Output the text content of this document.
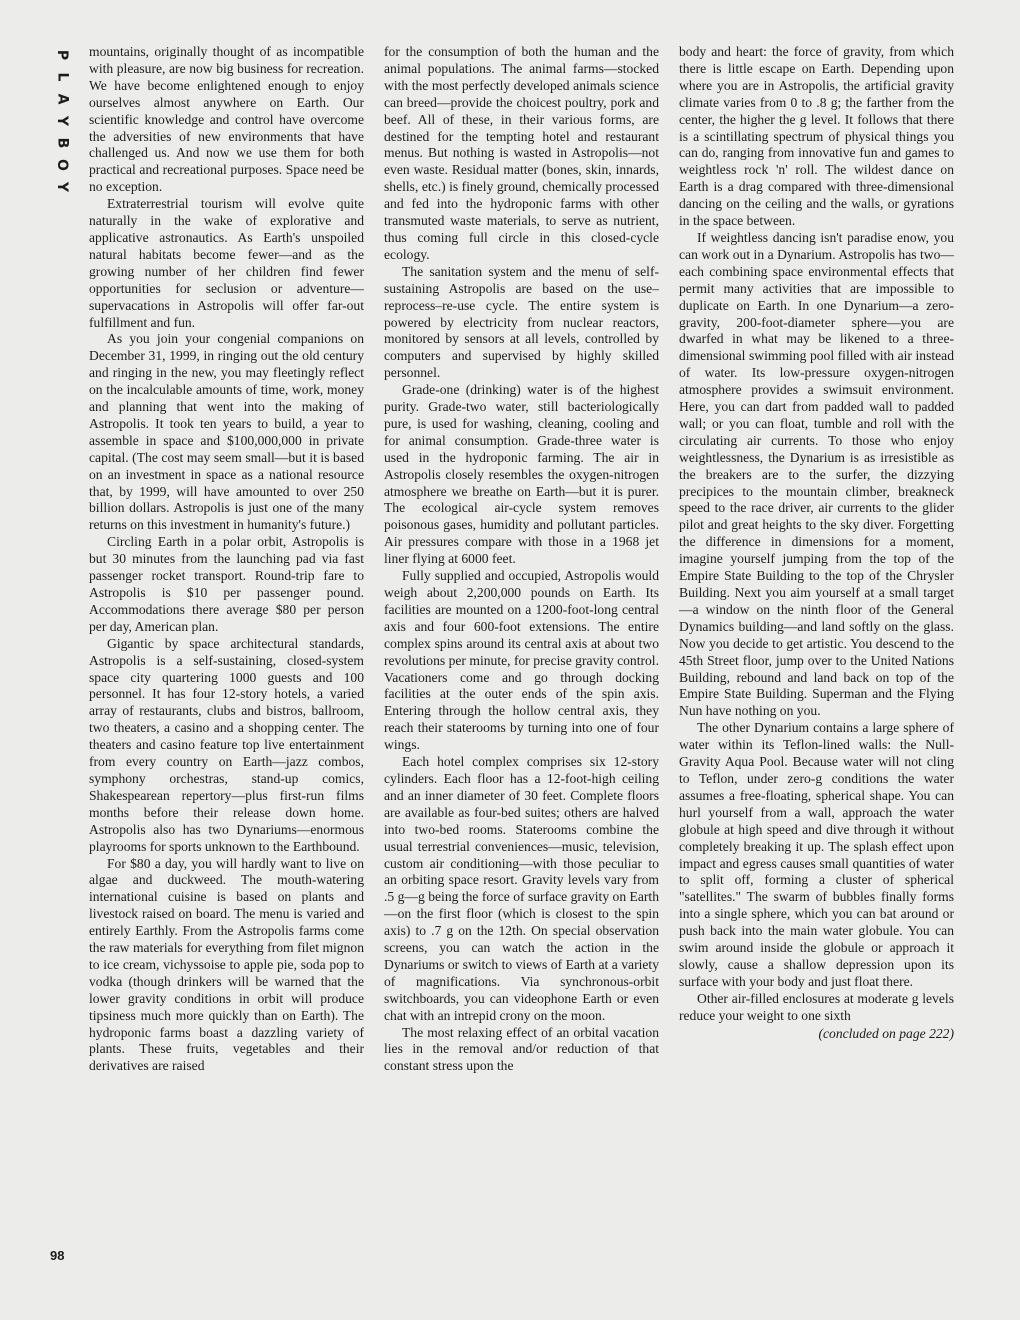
P
L
A
Y
B
O
Y
98

mountains, originally thought of as incompatible with pleasure, are now big business for recreation. We have become enlightened enough to enjoy ourselves almost anywhere on Earth. Our scientific knowledge and control have overcome the adversities of new environments that have challenged us. And now we use them for both practical and recreational purposes. Space need be no exception.

Extraterrestrial tourism will evolve quite naturally in the wake of explorative and applicative astronautics. As Earth's unspoiled natural habitats become fewer—and as the growing number of her children find fewer opportunities for seclusion or adventure—supervacations in Astropolis will offer far-out fulfillment and fun.

As you join your congenial companions on December 31, 1999, in ringing out the old century and ringing in the new, you may fleetingly reflect on the incalculable amounts of time, work, money and planning that went into the making of Astropolis. It took ten years to build, a year to assemble in space and $100,000,000 in private capital. (The cost may seem small—but it is based on an investment in space as a national resource that, by 1999, will have amounted to over 250 billion dollars. Astropolis is just one of the many returns on this investment in humanity's future.)

Circling Earth in a polar orbit, Astropolis is but 30 minutes from the launching pad via fast passenger rocket transport. Round-trip fare to Astropolis is $10 per passenger pound. Accommodations there average $80 per person per day, American plan.

Gigantic by space architectural standards, Astropolis is a self-sustaining, closed-system space city quartering 1000 guests and 100 personnel. It has four 12-story hotels, a varied array of restaurants, clubs and bistros, ballroom, two theaters, a casino and a shopping center. The theaters and casino feature top live entertainment from every country on Earth—jazz combos, symphony orchestras, stand-up comics, Shakespearean repertory—plus first-run films months before their release down home. Astropolis also has two Dynariums—enormous playrooms for sports unknown to the Earthbound.

For $80 a day, you will hardly want to live on algae and duckweed. The mouth-watering international cuisine is based on plants and livestock raised on board. The menu is varied and entirely Earthly. From the Astropolis farms come the raw materials for everything from filet mignon to ice cream, vichyssoise to apple pie, soda pop to vodka (though drinkers will be warned that the lower gravity conditions in orbit will produce tipsiness much more quickly than on Earth). The hydroponic farms boast a dazzling variety of plants. These fruits, vegetables and their derivatives are raised

for the consumption of both the human and the animal populations. The animal farms—stocked with the most perfectly developed animals science can breed—provide the choicest poultry, pork and beef. All of these, in their various forms, are destined for the tempting hotel and restaurant menus. But nothing is wasted in Astropolis—not even waste. Residual matter (bones, skin, innards, shells, etc.) is finely ground, chemically processed and fed into the hydroponic farms with other transmuted waste materials, to serve as nutrient, thus coming full circle in this closed-cycle ecology.

The sanitation system and the menu of self-sustaining Astropolis are based on the use–reprocess–re-use cycle. The entire system is powered by electricity from nuclear reactors, monitored by sensors at all levels, controlled by computers and supervised by highly skilled personnel.

Grade-one (drinking) water is of the highest purity. Grade-two water, still bacteriologically pure, is used for washing, cleaning, cooling and for animal consumption. Grade-three water is used in the hydroponic farming. The air in Astropolis closely resembles the oxygen-nitrogen atmosphere we breathe on Earth—but it is purer. The ecological air-cycle system removes poisonous gases, humidity and pollutant particles. Air pressures compare with those in a 1968 jet liner flying at 6000 feet.

Fully supplied and occupied, Astropolis would weigh about 2,200,000 pounds on Earth. Its facilities are mounted on a 1200-foot-long central axis and four 600-foot extensions. The entire complex spins around its central axis at about two revolutions per minute, for precise gravity control. Vacationers come and go through docking facilities at the outer ends of the spin axis. Entering through the hollow central axis, they reach their staterooms by turning into one of four wings.

Each hotel complex comprises six 12-story cylinders. Each floor has a 12-foot-high ceiling and an inner diameter of 30 feet. Complete floors are available as four-bed suites; others are halved into two-bed rooms. Staterooms combine the usual terrestrial conveniences—music, television, custom air conditioning—with those peculiar to an orbiting space resort. Gravity levels vary from .5 g—g being the force of surface gravity on Earth—on the first floor (which is closest to the spin axis) to .7 g on the 12th. On special observation screens, you can watch the action in the Dynariums or switch to views of Earth at a variety of magnifications. Via synchronous-orbit switchboards, you can videophone Earth or even chat with an intrepid crony on the moon.

The most relaxing effect of an orbital vacation lies in the removal and/or reduction of that constant stress upon the

body and heart: the force of gravity, from which there is little escape on Earth. Depending upon where you are in Astropolis, the artificial gravity climate varies from 0 to .8 g; the farther from the center, the higher the g level. It follows that there is a scintillating spectrum of physical things you can do, ranging from innovative fun and games to weightless rock 'n' roll. The wildest dance on Earth is a drag compared with three-dimensional dancing on the ceiling and the walls, or gyrations in the space between.

If weightless dancing isn't paradise enow, you can work out in a Dynarium. Astropolis has two—each combining space environmental effects that permit many activities that are impossible to duplicate on Earth. In one Dynarium—a zero-gravity, 200-foot-diameter sphere—you are dwarfed in what may be likened to a three-dimensional swimming pool filled with air instead of water. Its low-pressure oxygen-nitrogen atmosphere provides a swimsuit environment. Here, you can dart from padded wall to padded wall; or you can float, tumble and roll with the circulating air currents. To those who enjoy weightlessness, the Dynarium is as irresistible as the breakers are to the surfer, the dizzying precipices to the mountain climber, breakneck speed to the race driver, air currents to the glider pilot and great heights to the sky diver. Forgetting the difference in dimensions for a moment, imagine yourself jumping from the top of the Empire State Building to the top of the Chrysler Building. Next you aim yourself at a small target—a window on the ninth floor of the General Dynamics building—and land softly on the glass. Now you decide to get artistic. You descend to the 45th Street floor, jump over to the United Nations Building, rebound and land back on top of the Empire State Building. Superman and the Flying Nun have nothing on you.

The other Dynarium contains a large sphere of water within its Teflon-lined walls: the Null-Gravity Aqua Pool. Because water will not cling to Teflon, under zero-g conditions the water assumes a free-floating, spherical shape. You can hurl yourself from a wall, approach the water globule at high speed and dive through it without completely breaking it up. The splash effect upon impact and egress causes small quantities of water to split off, forming a cluster of spherical "satellites." The swarm of bubbles finally forms into a single sphere, which you can bat around or push back into the main water globule. You can swim around inside the globule or approach it slowly, cause a shallow depression upon its surface with your body and just float there.

Other air-filled enclosures at moderate g levels reduce your weight to one sixth

(concluded on page 222)
